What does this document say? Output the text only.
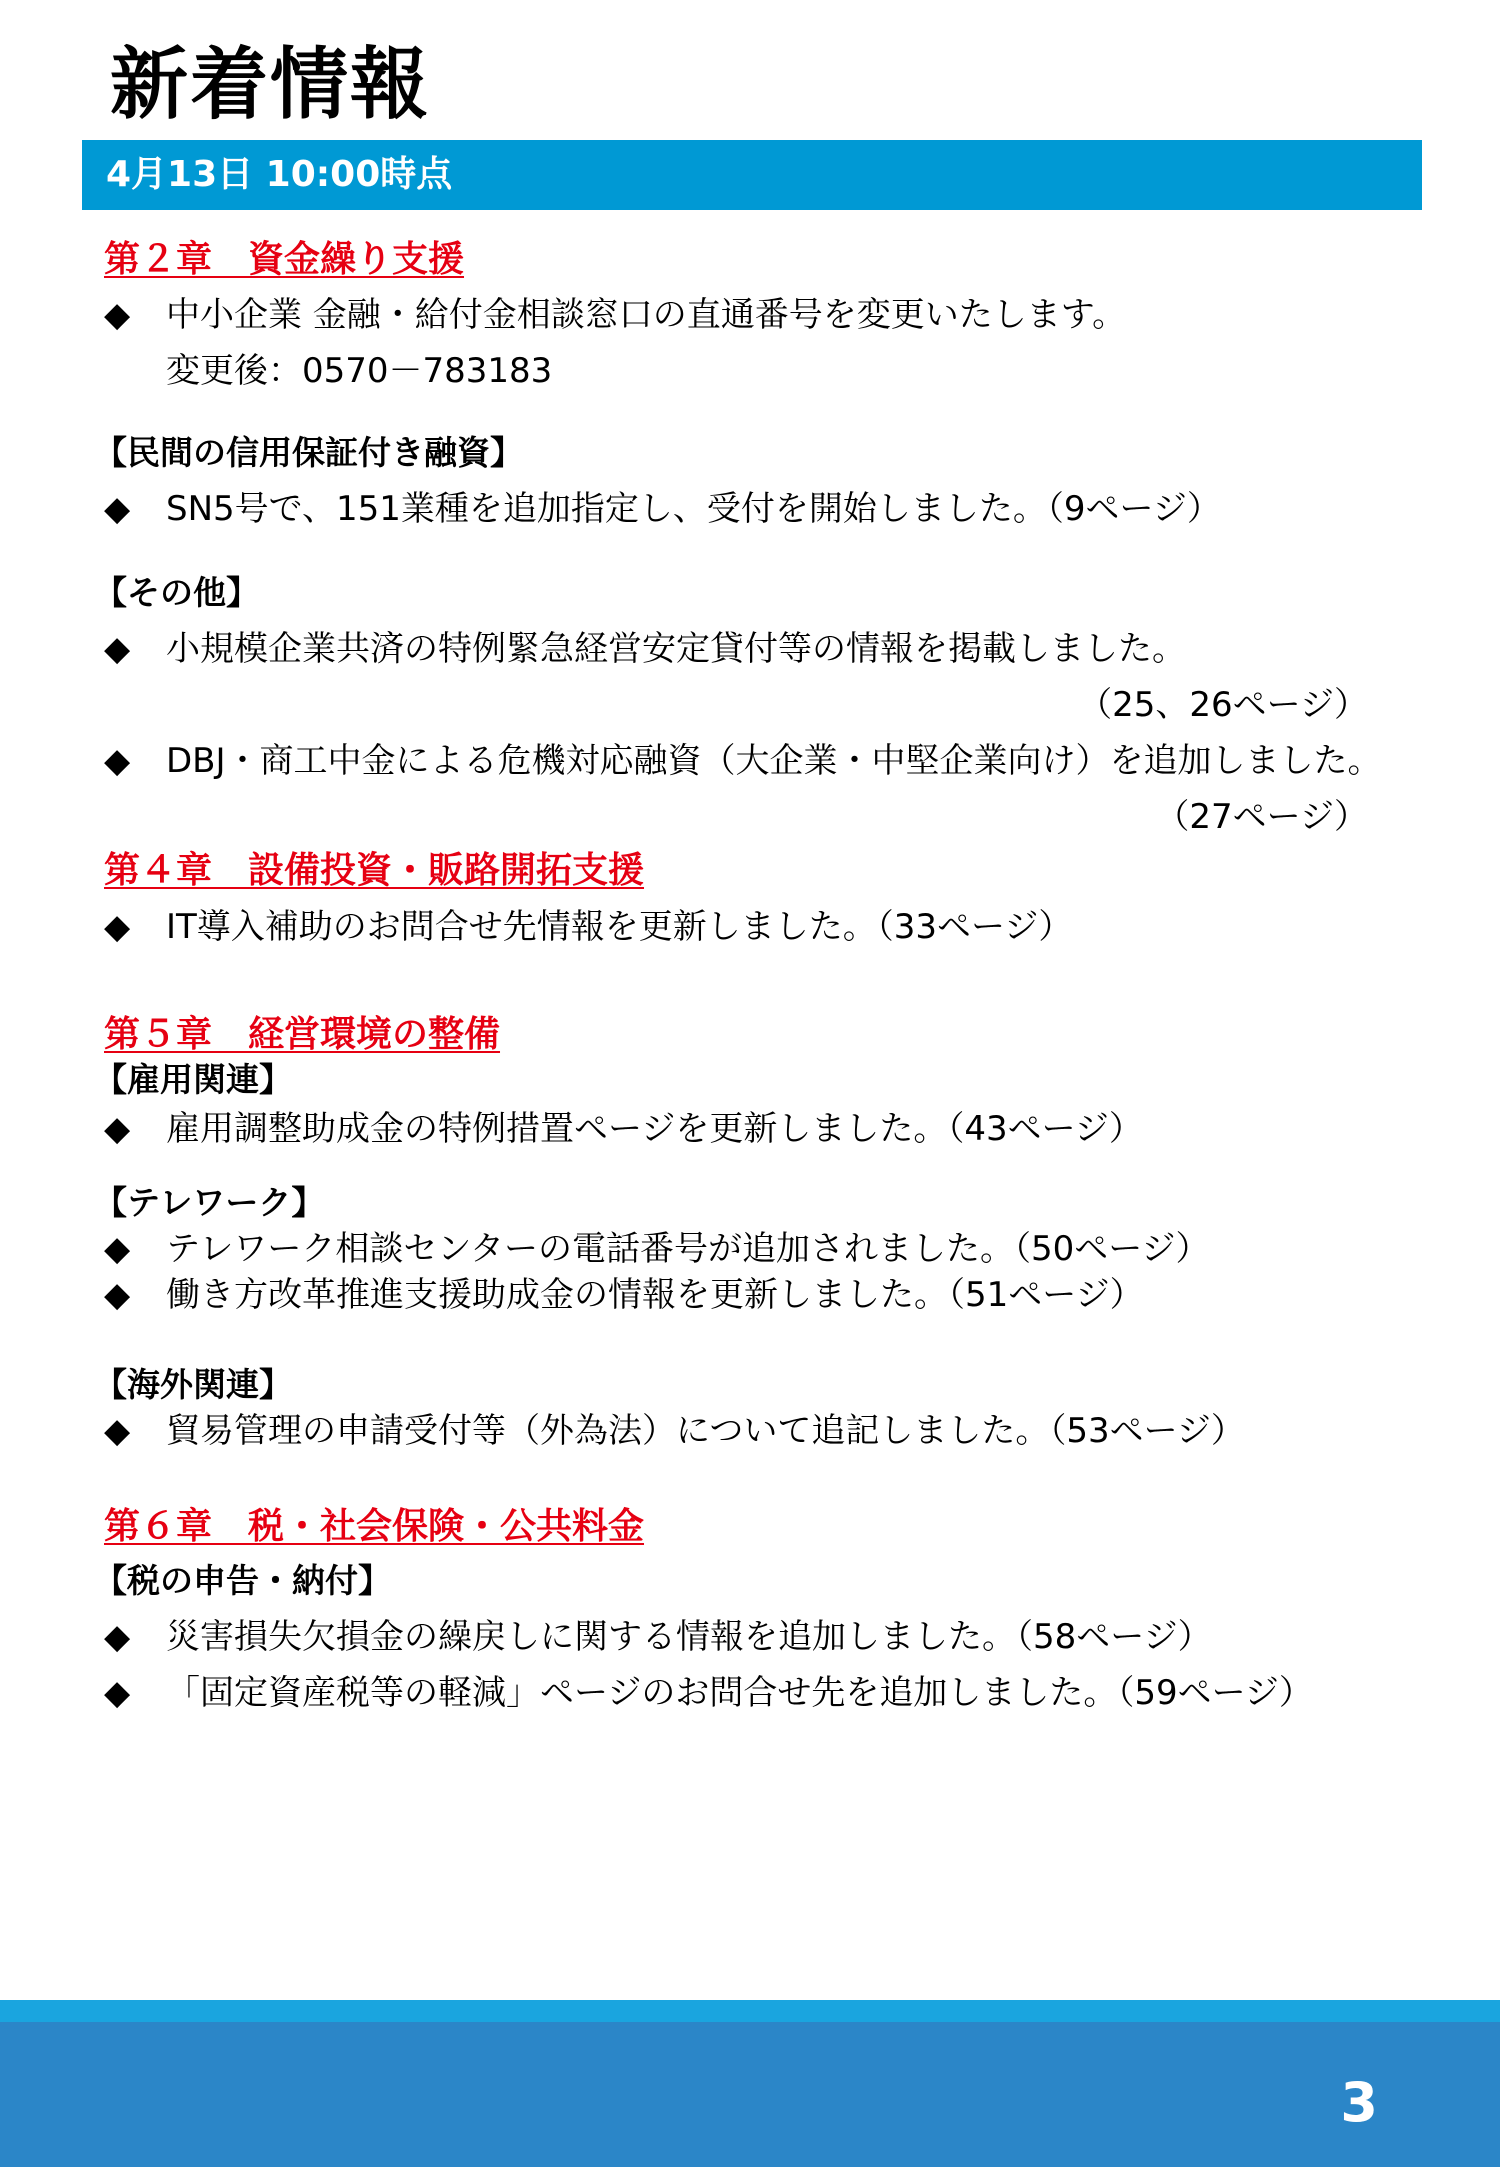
新着情報
4月13日 10:00時点
第２章　資金繰り支援
◆ 中小企業 金融・給付金相談窓口の直通番号を変更いたします。
変更後：0570－783183
【民間の信用保証付き融資】
◆ SN5号で、151業種を追加指定し、受付を開始しました。（9ページ）
【その他】
◆ 小規模企業共済の特例緊急経営安定貸付等の情報を掲載しました。
（25、26ページ）
◆ DBJ・商工中金による危機対応融資（大企業・中堅企業向け）を追加しました。
（27ページ）
第４章　設備投資・販路開拓支援
◆ IT導入補助のお問合せ先情報を更新しました。（33ページ）
第５章　経営環境の整備
【雇用関連】
◆ 雇用調整助成金の特例措置ページを更新しました。（43ページ）
【テレワーク】
◆ テレワーク相談センターの電話番号が追加されました。（50ページ）
◆ 働き方改革推進支援助成金の情報を更新しました。（51ページ）
【海外関連】
◆ 貿易管理の申請受付等（外為法）について追記しました。（53ページ）
第６章　税・社会保険・公共料金
【税の申告・納付】
◆ 災害損失欠損金の繰戻しに関する情報を追加しました。（58ページ）
◆ 「固定資産税等の軽減」ページのお問合せ先を追加しました。（59ページ）
3
